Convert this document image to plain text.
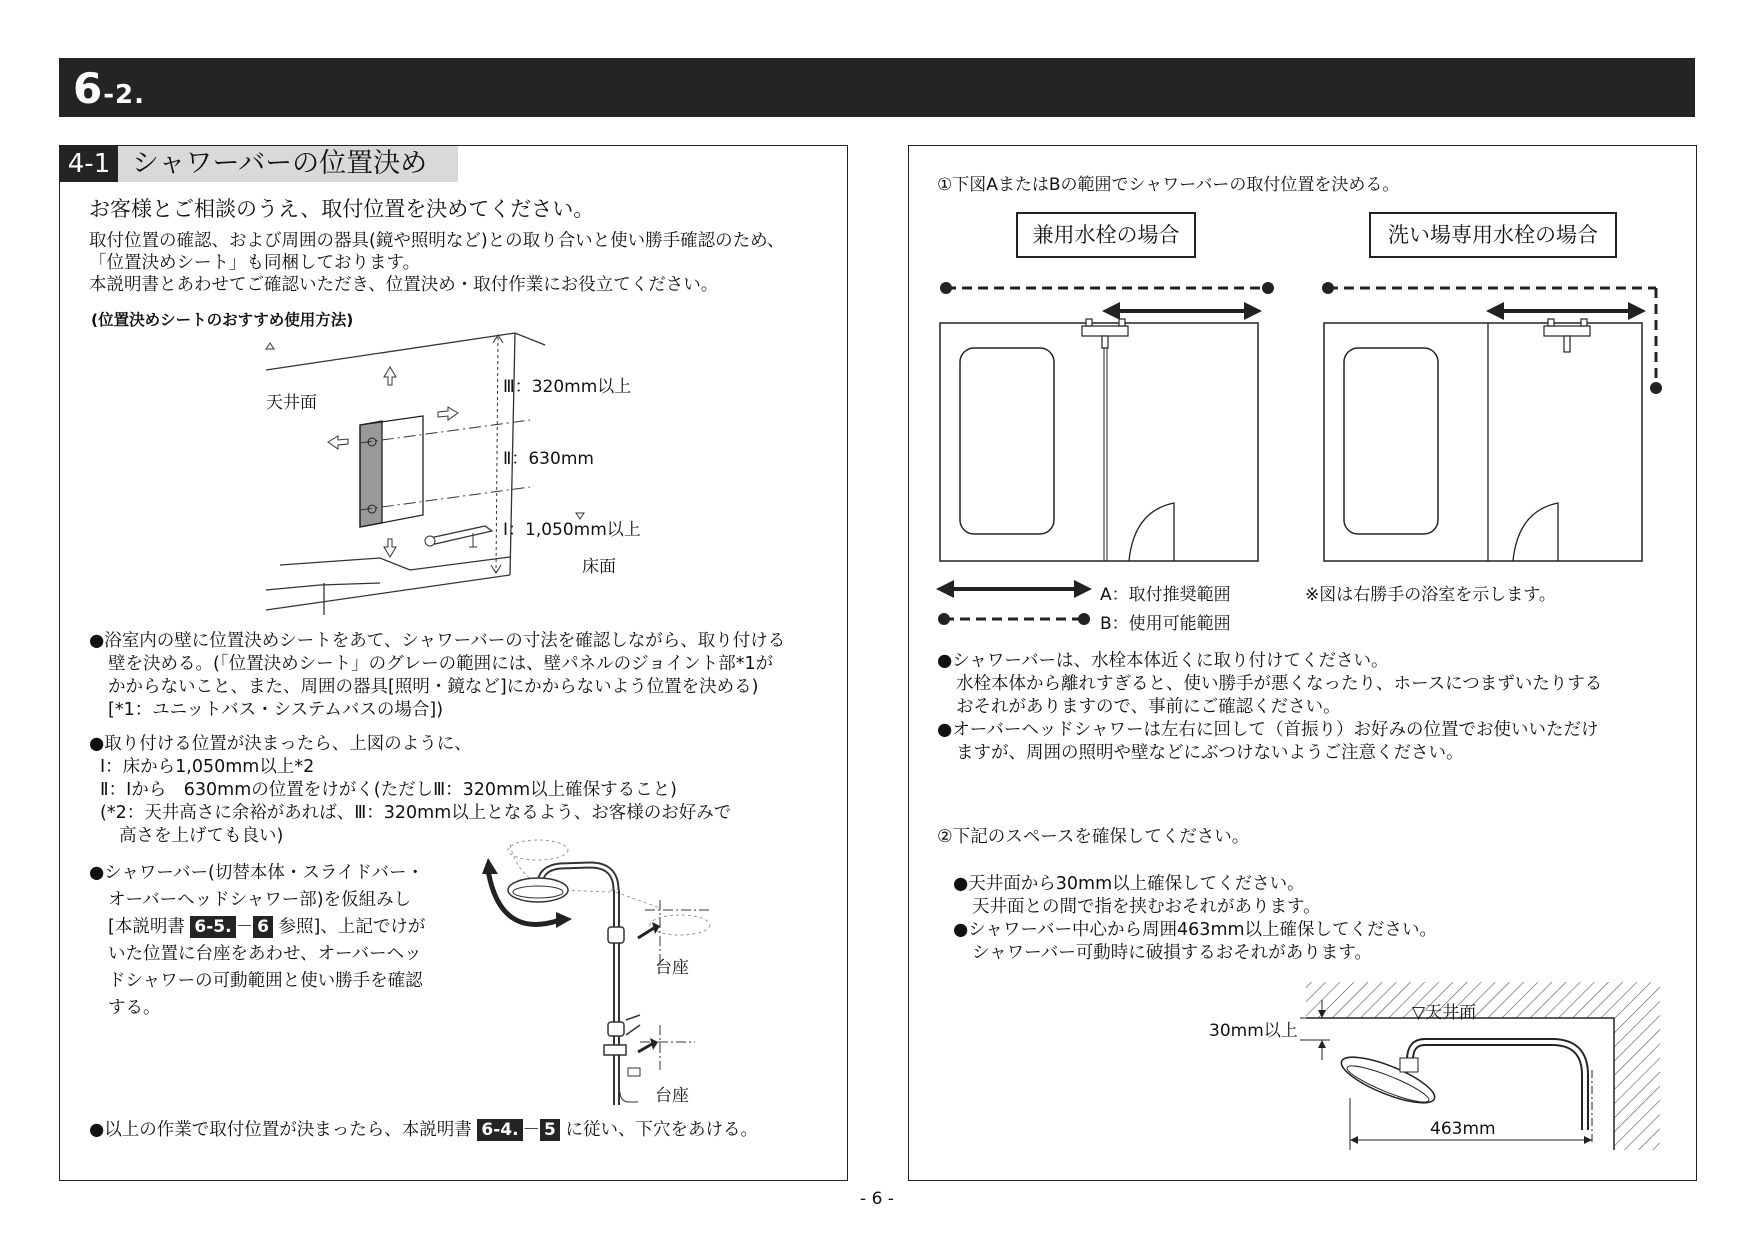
6-2.
4-1 シャワーバーの位置決め
お客様とご相談のうえ、取付位置を決めてください。
取付位置の確認、および周囲の器具(鏡や照明など)との取り合いと使い勝手確認のため、
「位置決めシート」も同梱しております。
本説明書とあわせてご確認いただき、位置決め・取付作業にお役立てください。
(位置決めシートのおすすめ使用方法)
天井面
床面
Ⅲ：320mm以上
Ⅱ：630mm
Ⅰ：1,050mm以上
●浴室内の壁に位置決めシートをあて、シャワーバーの寸法を確認しながら、取り付ける
壁を決める。(「位置決めシート」のグレーの範囲には、壁パネルのジョイント部*1が
かからないこと、また、周囲の器具[照明・鏡など]にかからないよう位置を決める)
[*1：ユニットバス・システムバスの場合])
●取り付ける位置が決まったら、上図のように、
Ⅰ：床から1,050mm以上*2
Ⅱ：Ⅰから　630mmの位置をけがく(ただしⅢ：320mm以上確保すること)
(*2：天井高さに余裕があれば、Ⅲ：320mm以上となるよう、お客様のお好みで
高さを上げても良い)
●シャワーバー(切替本体・スライドバー・
オーバーヘッドシャワー部)を仮組みし
[本説明書 6-5. － 6 参照]、上記でけが
いた位置に台座をあわせ、オーバーヘッ
ドシャワーの可動範囲と使い勝手を確認
する。
台座
台座
●以上の作業で取付位置が決まったら、本説明書 6-4. － 5 に従い、下穴をあける。
①下図AまたはBの範囲でシャワーバーの取付位置を決める。
兼用水栓の場合	洗い場専用水栓の場合
A：取付推奨範囲
B：使用可能範囲
※図は右勝手の浴室を示します。
●シャワーバーは、水栓本体近くに取り付けてください。
水栓本体から離れすぎると、使い勝手が悪くなったり、ホースにつまずいたりする
おそれがありますので、事前にご確認ください。
●オーバーヘッドシャワーは左右に回して（首振り）お好みの位置でお使いいただけ
ますが、周囲の照明や壁などにぶつけないようご注意ください。
②下記のスペースを確保してください。
●天井面から30mm以上確保してください。
天井面との間で指を挟むおそれがあります。
●シャワーバー中心から周囲463mm以上確保してください。
シャワーバー可動時に破損するおそれがあります。
▽天井面
30mm以上
463mm
- 6 -
